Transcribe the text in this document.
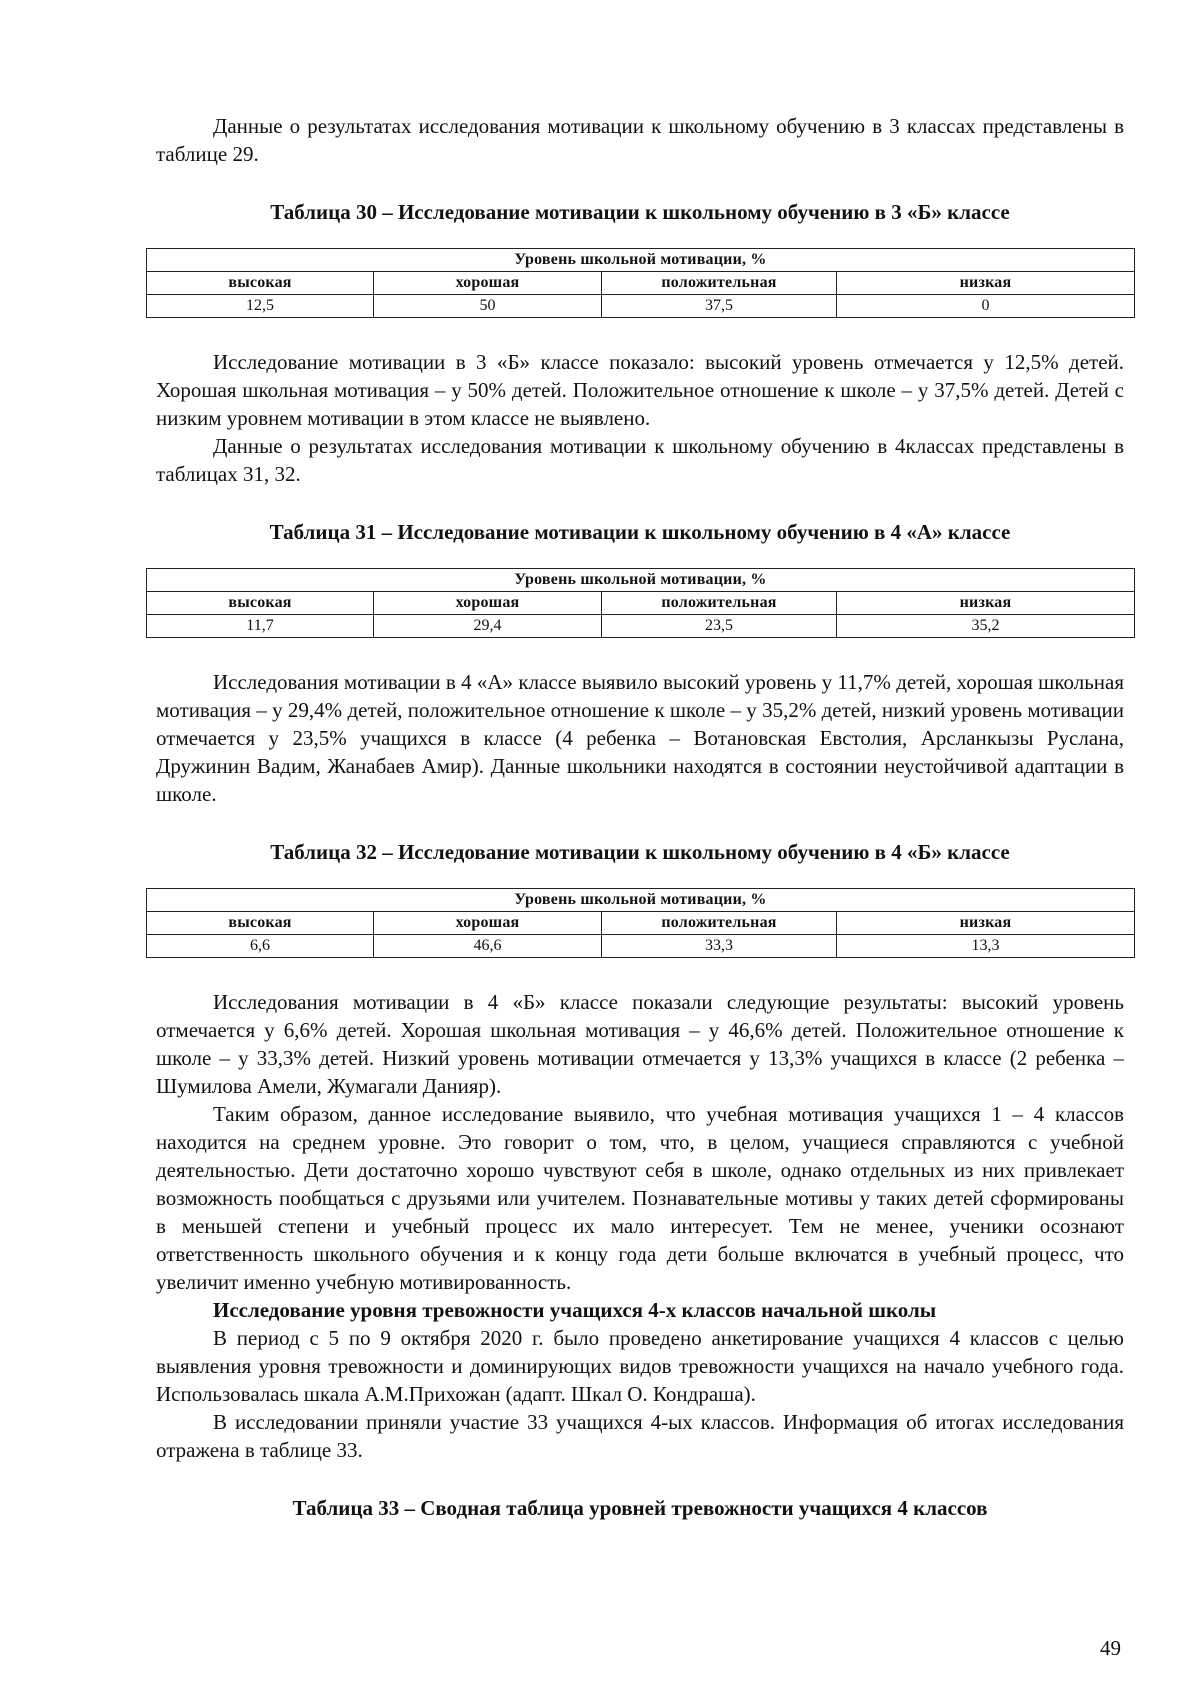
Данные о результатах исследования мотивации к школьному обучению в 3 классах представлены в таблице 29.

Таблица 30 – Исследование мотивации к школьному обучению в 3 «Б» классе

Уровень школьной мотивации, %			
высокая	хорошая	положительная	низкая
12,5	50	37,5	0

Исследование мотивации в 3 «Б» классе показало: высокий уровень отмечается у 12,5% детей. Хорошая школьная мотивация – у 50% детей. Положительное отношение к школе – у 37,5% детей. Детей с низким уровнем мотивации в этом классе не выявлено.

Данные о результатах исследования мотивации к школьному обучению в 4классах представлены в таблицах 31, 32.

Таблица 31 – Исследование мотивации к школьному обучению в 4 «А» классе

Уровень школьной мотивации, %			
высокая	хорошая	положительная	низкая
11,7	29,4	23,5	35,2

Исследования мотивации в 4 «А» классе выявило высокий уровень у 11,7% детей, хорошая школьная мотивация – у 29,4% детей, положительное отношение к школе – у 35,2% детей, низкий уровень мотивации отмечается у 23,5% учащихся в классе (4 ребенка – Вотановская Евстолия, Арсланкызы Руслана, Дружинин Вадим, Жанабаев Амир). Данные школьники находятся в состоянии неустойчивой адаптации в школе.

Таблица 32 – Исследование мотивации к школьному обучению в 4 «Б» классе

Уровень школьной мотивации, %			
высокая	хорошая	положительная	низкая
6,6	46,6	33,3	13,3

Исследования мотивации в 4 «Б» классе показали следующие результаты: высокий уровень отмечается у 6,6% детей. Хорошая школьная мотивация – у 46,6% детей. Положительное отношение к школе – у 33,3% детей. Низкий уровень мотивации отмечается у 13,3% учащихся в классе (2 ребенка – Шумилова Амели, Жумагали Данияр).

Таким образом, данное исследование выявило, что учебная мотивация учащихся 1 – 4 классов находится на среднем уровне. Это говорит о том, что, в целом, учащиеся справляются с учебной деятельностью. Дети достаточно хорошо чувствуют себя в школе, однако отдельных из них привлекает возможность пообщаться с друзьями или учителем. Познавательные мотивы у таких детей сформированы в меньшей степени и учебный процесс их мало интересует. Тем не менее, ученики осознают ответственность школьного обучения и к концу года дети больше включатся в учебный процесс, что увеличит именно учебную мотивированность.

Исследование уровня тревожности учащихся 4-х классов начальной школы

В период с 5 по 9 октября 2020 г. было проведено анкетирование учащихся 4 классов с целью выявления уровня тревожности и доминирующих видов тревожности учащихся на начало учебного года. Использовалась шкала А.М.Прихожан (адапт. Шкал О. Кондраша).

В исследовании приняли участие 33 учащихся 4-ых классов. Информация об итогах исследования отражена в таблице 33.

Таблица 33 – Сводная таблица уровней тревожности учащихся 4 классов

49
